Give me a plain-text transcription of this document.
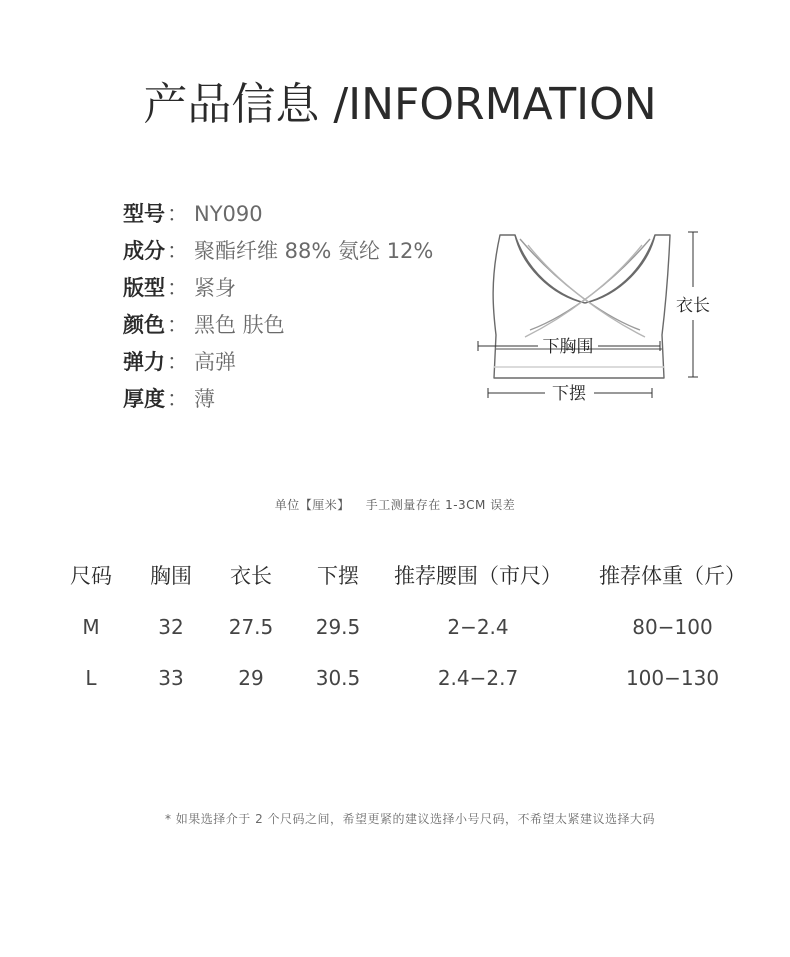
产品信息 /INFORMATION
型号： NY090
成分： 聚酯纤维 88% 氨纶 12%
版型： 紧身
颜色： 黑色 肤色
弹力： 高弹
厚度： 薄
下胸围
下摆
衣长
单位【厘米】 手工测量存在 1-3CM 误差
尺码	胸围	衣长	下摆	推荐腰围（市尺）	推荐体重（斤）
M	32	27.5	29.5	2−2.4	80−100
L	33	29	30.5	2.4−2.7	100−130
* 如果选择介于 2 个尺码之间，希望更紧的建议选择小号尺码，不希望太紧建议选择大码
